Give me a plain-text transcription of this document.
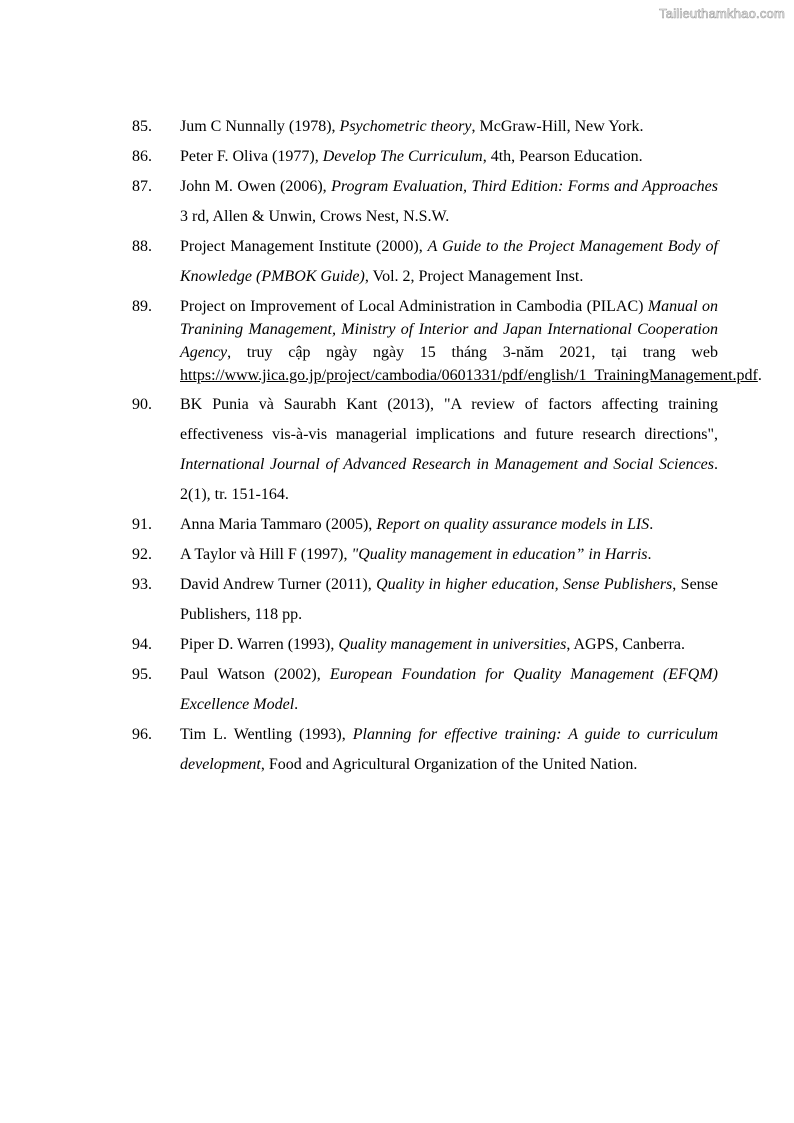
Tailieuthamkhao.com
85.	Jum C Nunnally (1978), Psychometric theory, McGraw-Hill, New York.
86.	Peter F. Oliva (1977), Develop The Curriculum, 4th, Pearson Education.
87.	John M. Owen (2006), Program Evaluation, Third Edition: Forms and Approaches 3 rd, Allen & Unwin, Crows Nest, N.S.W.
88.	Project Management Institute (2000), A Guide to the Project Management Body of Knowledge (PMBOK Guide), Vol. 2, Project Management Inst.
89.	Project on Improvement of Local Administration in Cambodia (PILAC) Manual on Tranining Management, Ministry of Interior and Japan International Cooperation Agency, truy cập ngày ngày 15 tháng 3-năm 2021, tại trang web https://www.jica.go.jp/project/cambodia/0601331/pdf/english/1_TrainingManagement.pdf.
90.	BK Punia và Saurabh Kant (2013), "A review of factors affecting training effectiveness vis-à-vis managerial implications and future research directions", International Journal of Advanced Research in Management and Social Sciences. 2(1), tr. 151-164.
91.	Anna Maria Tammaro (2005), Report on quality assurance models in LIS.
92.	A Taylor và Hill F (1997), "Quality management in education” in Harris.
93.	David Andrew Turner (2011), Quality in higher education, Sense Publishers, Sense Publishers, 118 pp.
94.	Piper D. Warren (1993), Quality management in universities, AGPS, Canberra.
95.	Paul Watson (2002), European Foundation for Quality Management (EFQM) Excellence Model.
96.	Tim L. Wentling (1993), Planning for effective training: A guide to curriculum development, Food and Agricultural Organization of the United Nation.
